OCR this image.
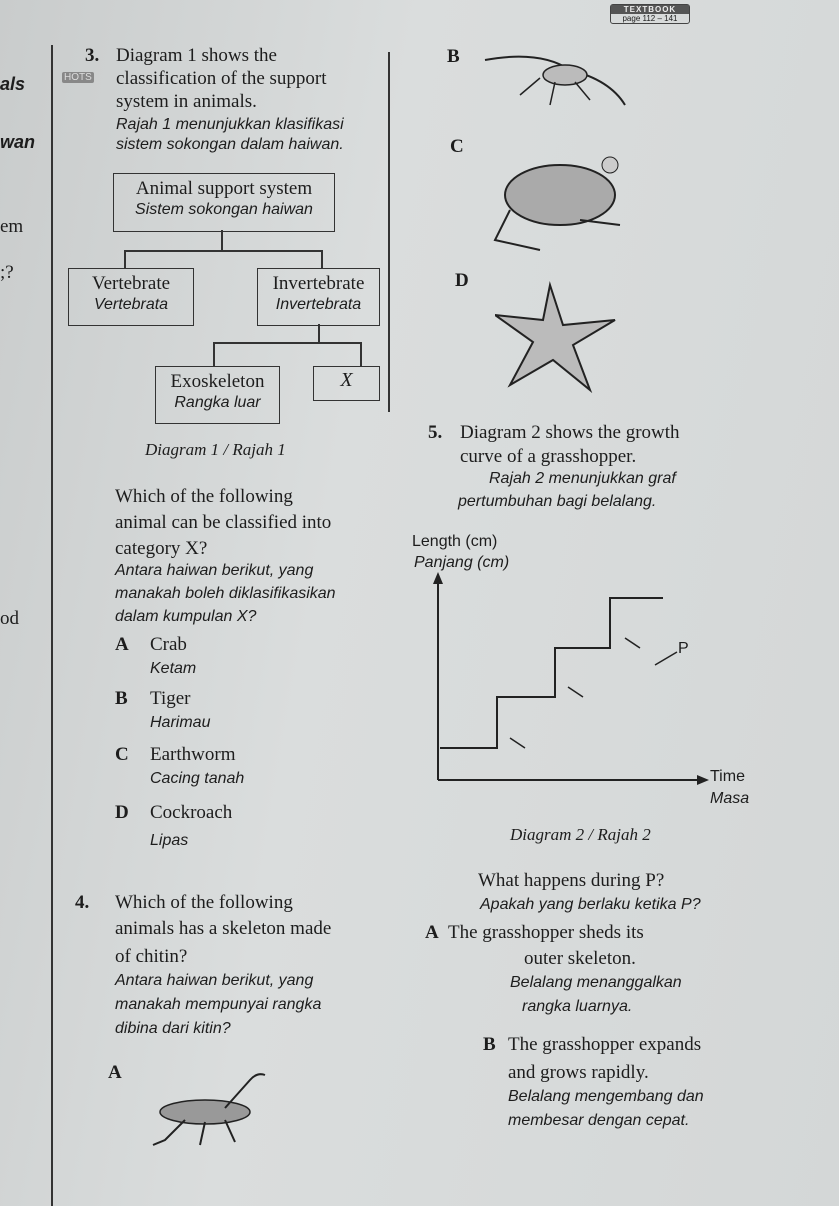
TEXTBOOK
page 112 – 141
als
wan
em
;?
od
3. Diagram 1 shows the
HOTS classification of the support
system in animals.
Rajah 1 menunjukkan klasifikasi
sistem sokongan dalam haiwan.
Animal support system
Sistem sokongan haiwan
Vertebrate
Vertebrata
Invertebrate
Invertebrata
Exoskeleton
Rangka luar
X
Diagram 1 / Rajah 1
Which of the following
animal can be classified into
category X?
Antara haiwan berikut, yang
manakah boleh diklasifikasikan
dalam kumpulan X?
A Crab
Ketam
B Tiger
Harimau
C Earthworm
Cacing tanah
D Cockroach
Lipas
4. Which of the following
animals has a skeleton made
of chitin?
Antara haiwan berikut, yang
manakah mempunyai rangka
dibina dari kitin?
A
B
C
D
5. Diagram 2 shows the growth
curve of a grasshopper.
Rajah 2 menunjukkan graf
pertumbuhan bagi belalang.
Length (cm)
Panjang (cm)
P
Time
Masa
Diagram 2 / Rajah 2
What happens during P?
Apakah yang berlaku ketika P?
A The grasshopper sheds its
outer skeleton.
Belalang menanggalkan
rangka luarnya.
B The grasshopper expands
and grows rapidly.
Belalang mengembang dan
membesar dengan cepat.
